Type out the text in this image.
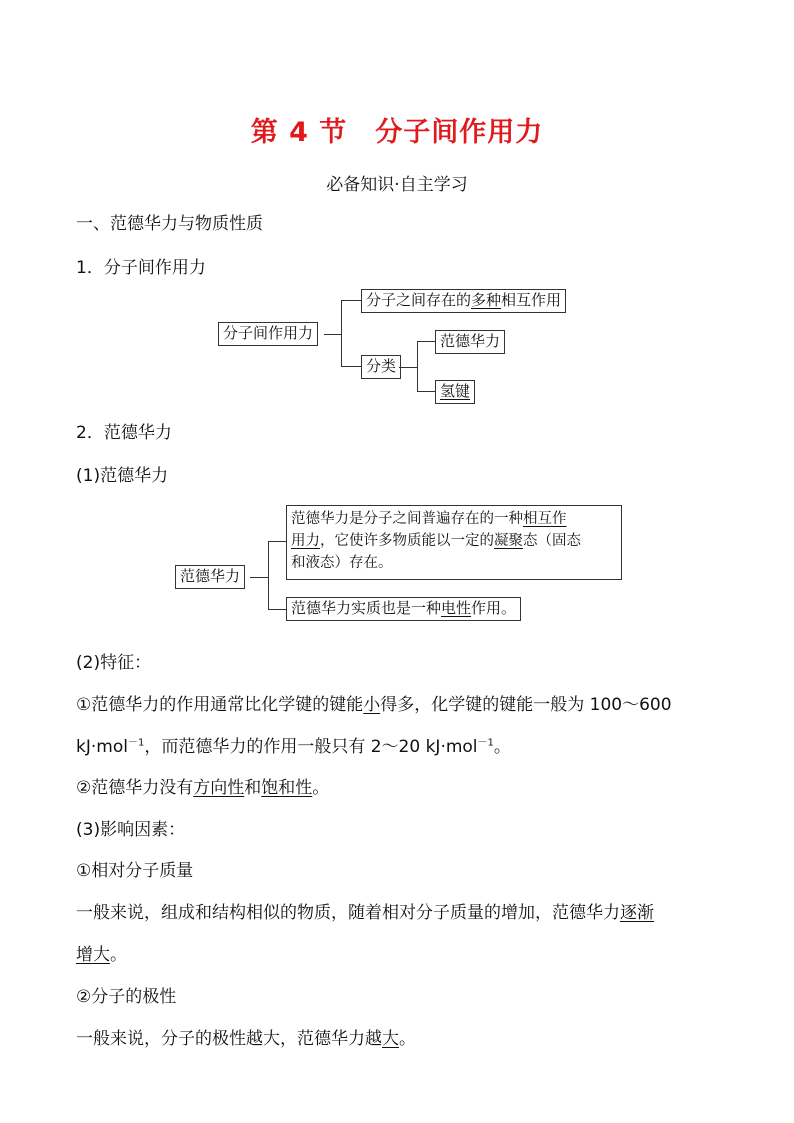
第 4 节 分子间作用力
必备知识·自主学习
一、范德华力与物质性质
1．分子间作用力
分子间作用力
分子之间存在的多种相互作用
分类
范德华力
氢键
2．范德华力
(1)范德华力
范德华力
范德华力是分子之间普遍存在的一种相互作
用力，它使许多物质能以一定的凝聚态（固态
和液态）存在。
范德华力实质也是一种电性作用。
(2)特征：
①范德华力的作用通常比化学键的键能小得多，化学键的键能一般为 100～600
kJ·mol$^{-1}$，而范德华力的作用一般只有 2～20 kJ·mol$^{-1}$。
②范德华力没有方向性和饱和性。
(3)影响因素：
①相对分子质量
一般来说，组成和结构相似的物质，随着相对分子质量的增加，范德华力逐渐
增大。
②分子的极性
一般来说，分子的极性越大，范德华力越大。
